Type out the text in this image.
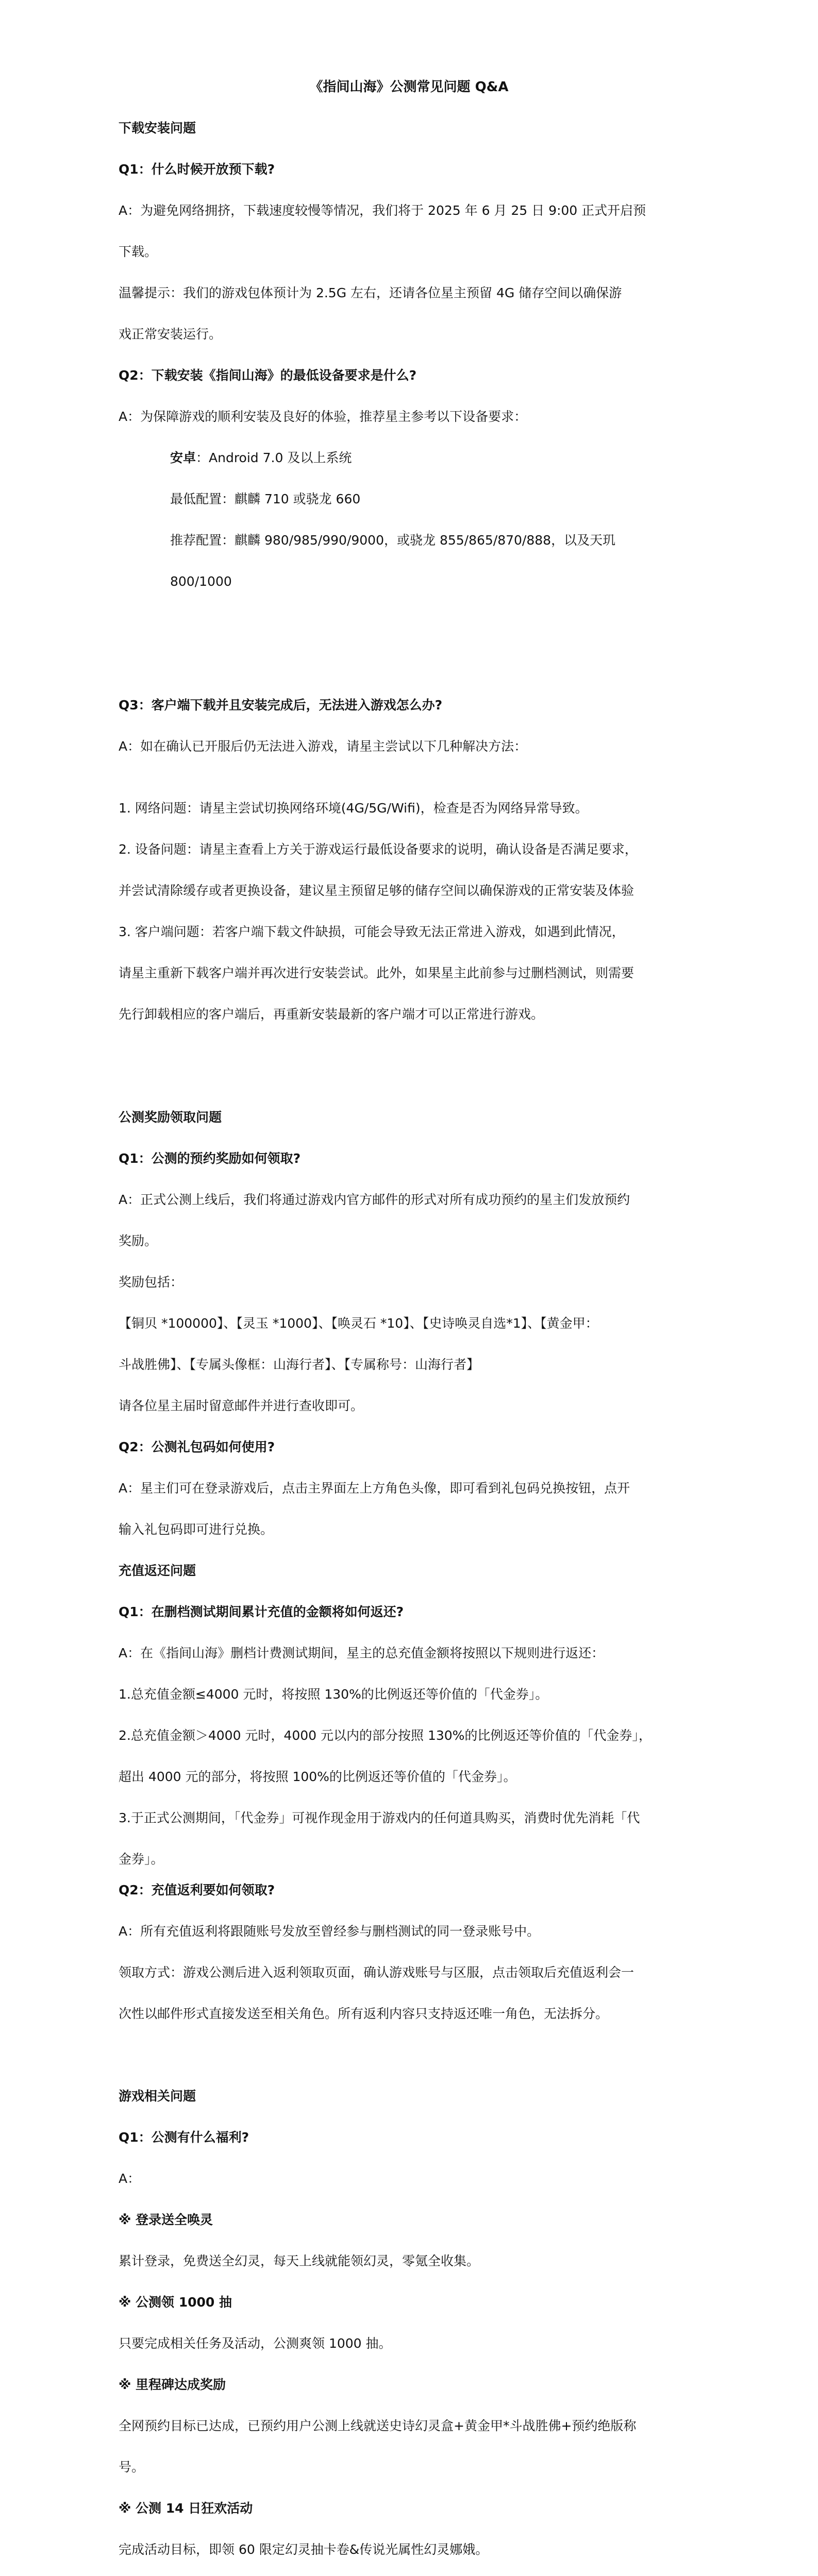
《指间山海》公测常见问题 Q&A
下载安装问题
Q1：什么时候开放预下载?
A：为避免网络拥挤，下载速度较慢等情况，我们将于 2025 年 6 月 25 日 9:00 正式开启预
下载。
温馨提示：我们的游戏包体预计为 2.5G 左右，还请各位星主预留 4G 储存空间以确保游
戏正常安装运行。
Q2：下载安装《指间山海》的最低设备要求是什么?
A：为保障游戏的顺利安装及良好的体验，推荐星主参考以下设备要求：
安卓：Android 7.0 及以上系统
最低配置：麒麟 710 或骁龙 660
推荐配置：麒麟 980/985/990/9000，或骁龙 855/865/870/888，以及天玑
800/1000
Q3：客户端下载并且安装完成后，无法进入游戏怎么办?
A：如在确认已开服后仍无法进入游戏，请星主尝试以下几种解决方法：
1. 网络问题：请星主尝试切换网络环境(4G/5G/Wifi)，检查是否为网络异常导致。
2. 设备问题：请星主查看上方关于游戏运行最低设备要求的说明，确认设备是否满足要求，
并尝试清除缓存或者更换设备，建议星主预留足够的储存空间以确保游戏的正常安装及体验
3. 客户端问题：若客户端下载文件缺损，可能会导致无法正常进入游戏，如遇到此情况，
请星主重新下载客户端并再次进行安装尝试。此外，如果星主此前参与过删档测试，则需要
先行卸载相应的客户端后，再重新安装最新的客户端才可以正常进行游戏。
公测奖励领取问题
Q1：公测的预约奖励如何领取?
A：正式公测上线后，我们将通过游戏内官方邮件的形式对所有成功预约的星主们发放预约
奖励。
奖励包括：
【铜贝 *100000】、【灵玉 *1000】、【唤灵石 *10】、【史诗唤灵自选*1】、【黄金甲：
斗战胜佛】、【专属头像框：山海行者】、【专属称号：山海行者】
请各位星主届时留意邮件并进行查收即可。
Q2：公测礼包码如何使用?
A：星主们可在登录游戏后，点击主界面左上方角色头像，即可看到礼包码兑换按钮，点开
输入礼包码即可进行兑换。
充值返还问题
Q1：在删档测试期间累计充值的金额将如何返还?
A：在《指间山海》删档计费测试期间，星主的总充值金额将按照以下规则进行返还：
1.总充值金额≤4000 元时，将按照 130%的比例返还等价值的「代金券」。
2.总充值金额＞4000 元时，4000 元以内的部分按照 130%的比例返还等价值的「代金券」，
超出 4000 元的部分，将按照 100%的比例返还等价值的「代金券」。
3.于正式公测期间，「代金券」可视作现金用于游戏内的任何道具购买，消费时优先消耗「代
金券」。
Q2：充值返利要如何领取?
A：所有充值返利将跟随账号发放至曾经参与删档测试的同一登录账号中。
领取方式：游戏公测后进入返利领取页面，确认游戏账号与区服，点击领取后充值返利会一
次性以邮件形式直接发送至相关角色。所有返利内容只支持返还唯一角色，无法拆分。
游戏相关问题
Q1：公测有什么福利?
A：
※ 登录送全唤灵
累计登录，免费送全幻灵，每天上线就能领幻灵，零氪全收集。
※ 公测领 1000 抽
只要完成相关任务及活动，公测爽领 1000 抽。
※ 里程碑达成奖励
全网预约目标已达成，已预约用户公测上线就送史诗幻灵盒+黄金甲*斗战胜佛+预约绝版称
号。
※ 公测 14 日狂欢活动
完成活动目标，即领 60 限定幻灵抽卡卷&传说光属性幻灵娜娥。
